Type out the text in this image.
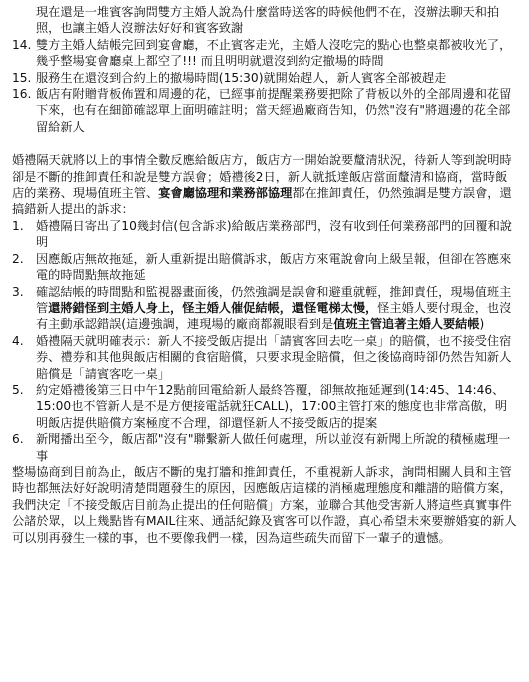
現在還是一堆賓客詢問雙方主婚人說為什麼當時送客的時候他們不在，沒辦法聊天和拍照，也讓主婚人沒辦法好好和賓客致謝
14. 雙方主婚人結帳完回到宴會廳，不止賓客走光，主婚人沒吃完的點心也整桌都被收光了，幾乎整場宴會廳桌上都空了!!! 而且明明就還沒到約定撤場的時間
15. 服務生在還沒到合約上的撤場時間(15:30)就開始趕人，新人賓客全部被趕走
16. 飯店有附贈背板佈置和周邊的花，已經事前提醒業務要把除了背板以外的全部周邊和花留下來，也有在細節確認單上面明確註明；當天經過廠商告知，仍然"沒有"將週邊的花全部留給新人

婚禮隔天就將以上的事情全數反應給飯店方，飯店方一開始說要釐清狀況，待新人等到說明時卻是不斷的推卸責任和說是雙方誤會；婚禮後2日，新人就抵達飯店當面釐清和協商，當時飯店的業務、現場值班主管、宴會廳協理和業務部協理都在推卸責任，仍然強調是雙方誤會，還搞錯新人提出的訴求：

1.	婚禮隔日寄出了10幾封信(包含訴求)給飯店業務部門，沒有收到任何業務部門的回覆和說明
2.	因應飯店無故拖延，新人重新提出賠償訴求，飯店方來電說會向上級呈報，但卻在答應來電的時間點無故拖延
3.	確認結帳的時間點和監視器畫面後，仍然強調是誤會和避重就輕，推卸責任，現場值班主管還將錯怪到主婚人身上，怪主婚人催促結帳，還怪電梯太慢，怪主婚人要付現金，也沒有主動承認錯誤(這邊強調，連現場的廠商都親眼看到是值班主管追著主婚人要結帳)
4.	婚禮隔天就明確表示：新人不接受飯店提出「請賓客回去吃一桌」的賠償，也不接受住宿券、禮券和其他與飯店相關的食宿賠償，只要求現金賠償，但之後協商時卻仍然告知新人賠償是「請賓客吃一桌」
5.	約定婚禮後第三日中午12點前回電給新人最終答覆，卻無故拖延遲到(14:45、14:46、15:00也不管新人是不是方便接電話就狂CALL)，17:00主管打來的態度也非常高傲，明明飯店提供賠償方案極度不合理，卻還怪新人不接受飯店的提案
6.	新聞播出至今，飯店都"沒有"聯繫新人做任何處理，所以並沒有新聞上所說的積極處理一事

整場協商到目前為止，飯店不斷的鬼打牆和推卸責任，不重視新人訴求，詢問相關人員和主管時也都無法好好說明清楚問題發生的原因，因應飯店這樣的消極處理態度和離譜的賠償方案，我們決定「不接受飯店目前為止提出的任何賠償」方案，並聯合其他受害新人將這些真實事件公諸於眾，以上幾點皆有MAIL往來、通話紀錄及賓客可以作證，真心希望未來要辦婚宴的新人可以別再發生一樣的事，也不要像我們一樣，因為這些疏失而留下一輩子的遺憾。
